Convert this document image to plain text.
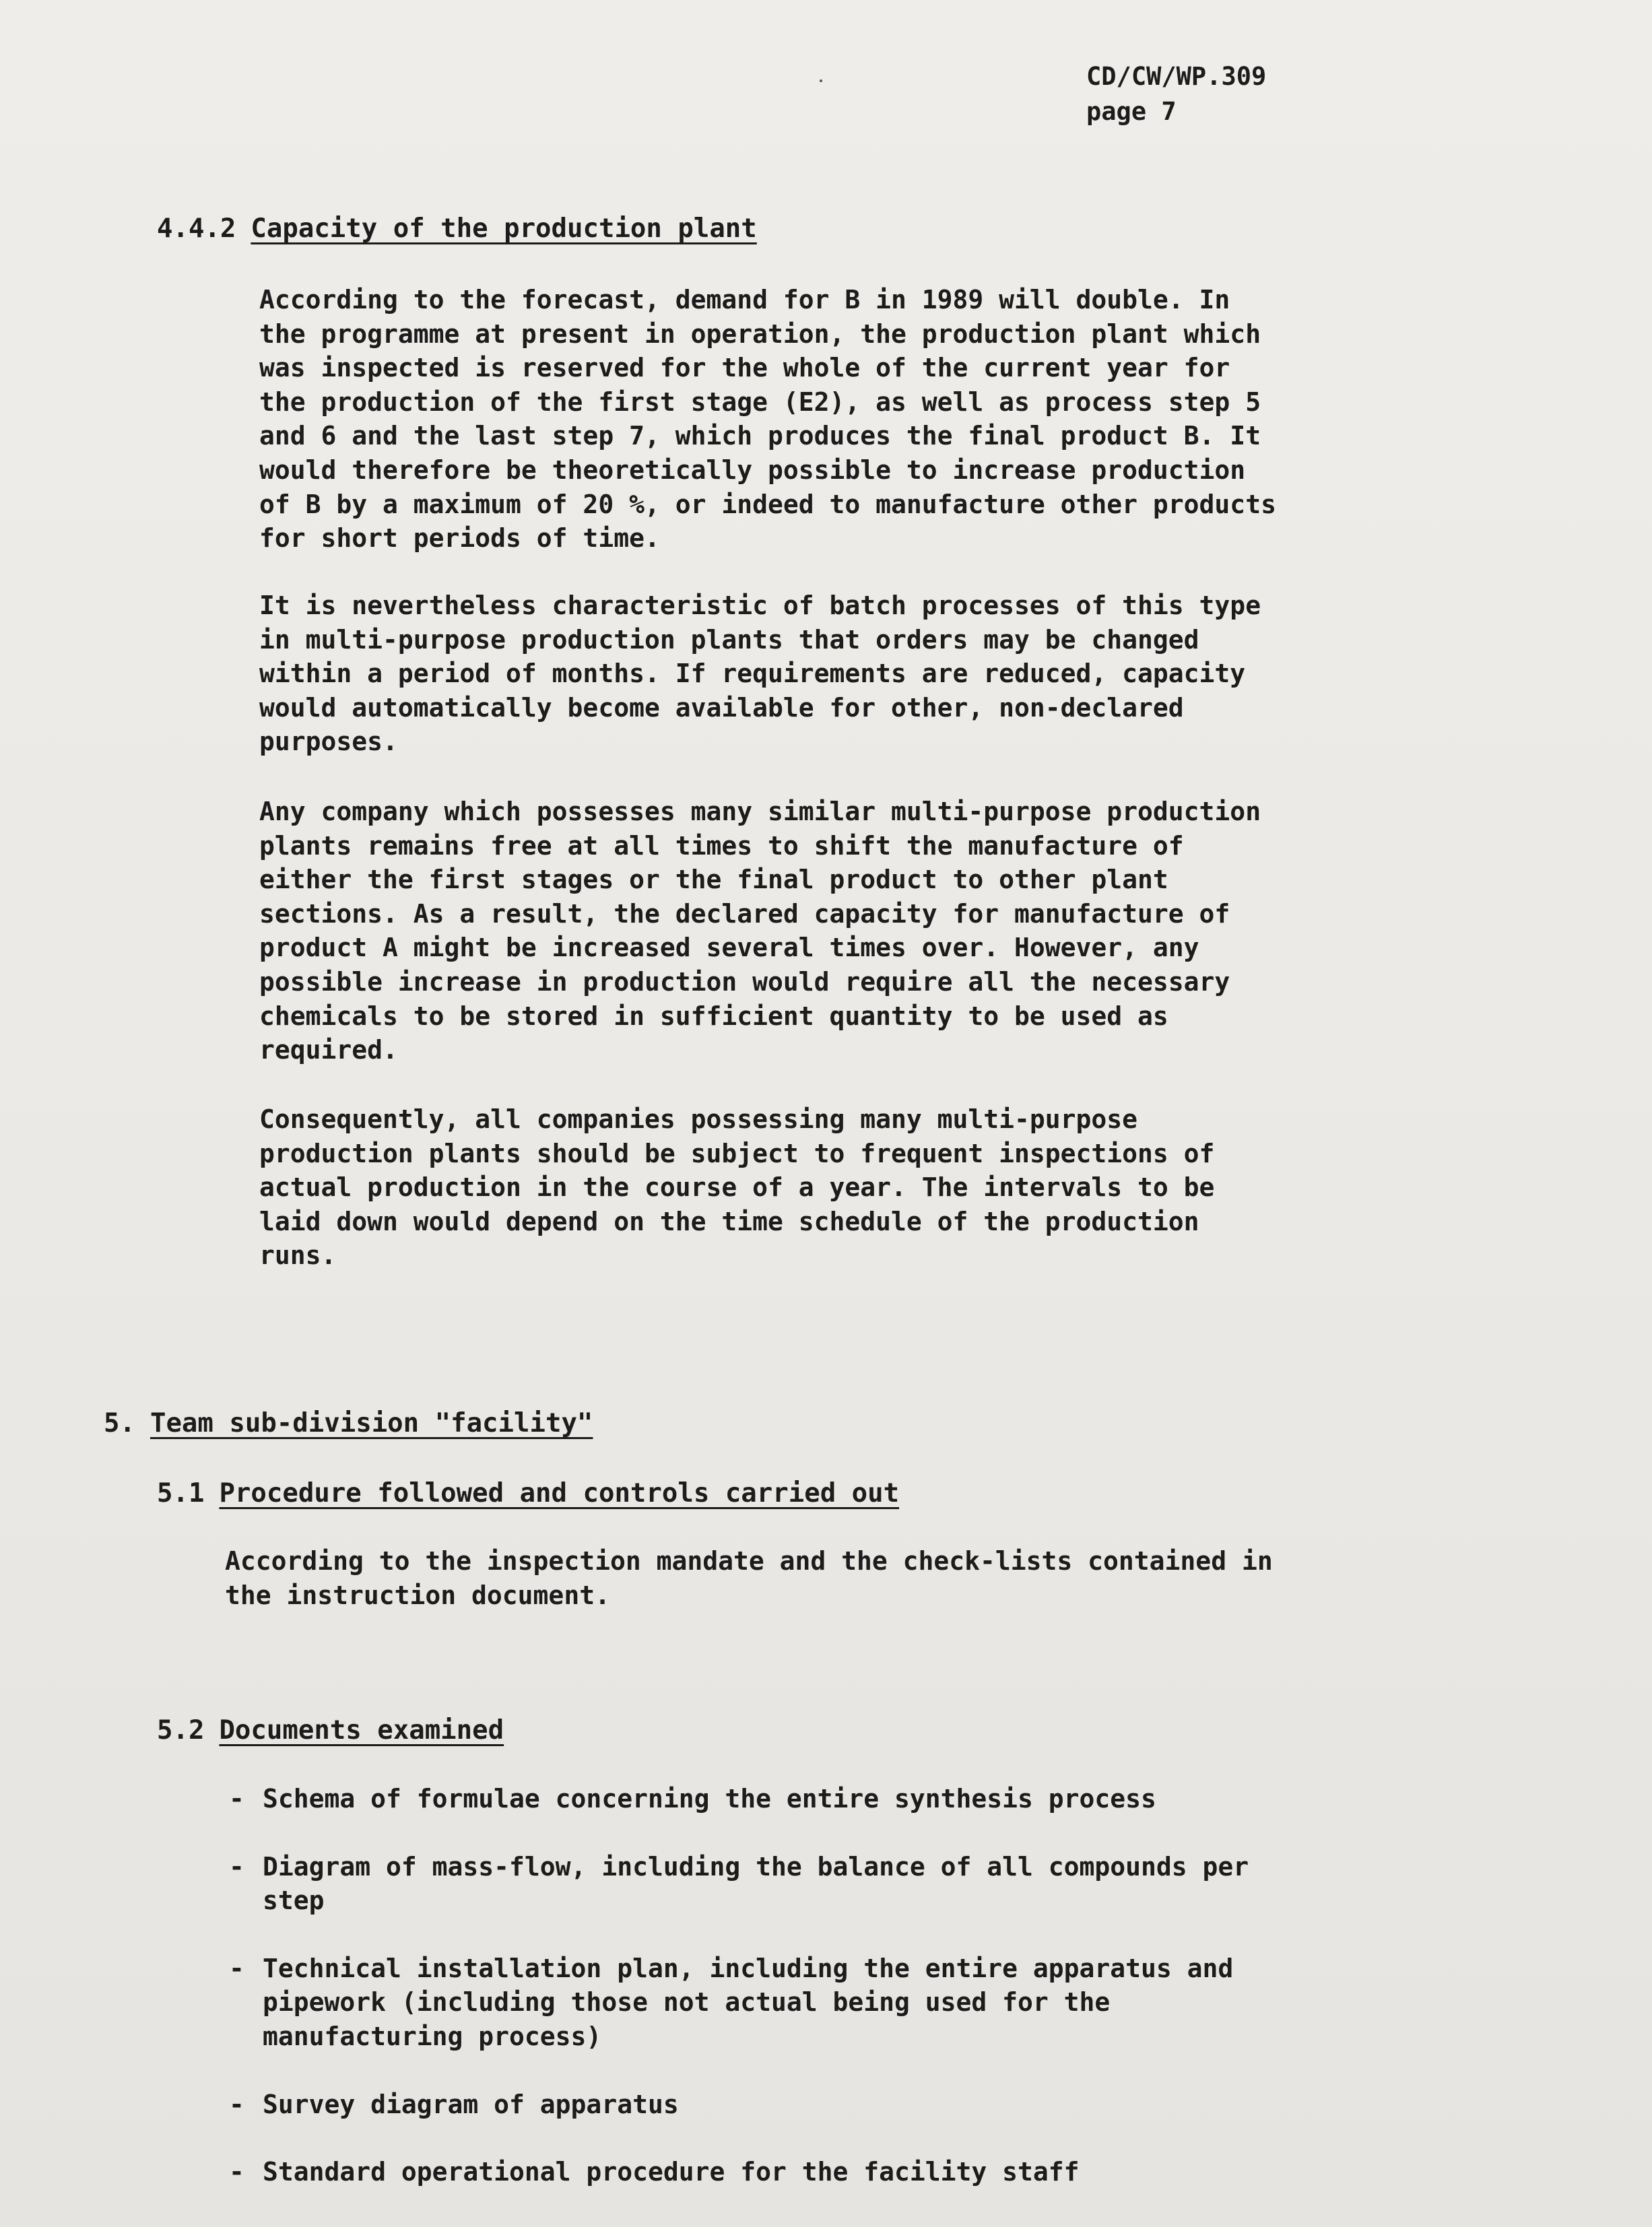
CD/CW/WP.309
page 7
4.4.2 Capacity of the production plant
According to the forecast, demand for B in 1989 will double. In
the programme at present in operation, the production plant which
was inspected is reserved for the whole of the current year for
the production of the first stage (E2), as well as process step 5
and 6 and the last step 7, which produces the final product B. It
would therefore be theoretically possible to increase production
of B by a maximum of 20 %, or indeed to manufacture other products
for short periods of time.
It is nevertheless characteristic of batch processes of this type
in multi-purpose production plants that orders may be changed
within a period of months. If requirements are reduced, capacity
would automatically become available for other, non-declared
purposes.
Any company which possesses many similar multi-purpose production
plants remains free at all times to shift the manufacture of
either the first stages or the final product to other plant
sections. As a result, the declared capacity for manufacture of
product A might be increased several times over. However, any
possible increase in production would require all the necessary
chemicals to be stored in sufficient quantity to be used as
required.
Consequently, all companies possessing many multi-purpose
production plants should be subject to frequent inspections of
actual production in the course of a year. The intervals to be
laid down would depend on the time schedule of the production
runs.
5. Team sub-division "facility"
5.1 Procedure followed and controls carried out
According to the inspection mandate and the check-lists contained in
the instruction document.
5.2 Documents examined
- Schema of formulae concerning the entire synthesis process
- Diagram of mass-flow, including the balance of all compounds per
step
- Technical installation plan, including the entire apparatus and
pipework (including those not actual being used for the
manufacturing process)
- Survey diagram of apparatus
- Standard operational procedure for the facility staff
